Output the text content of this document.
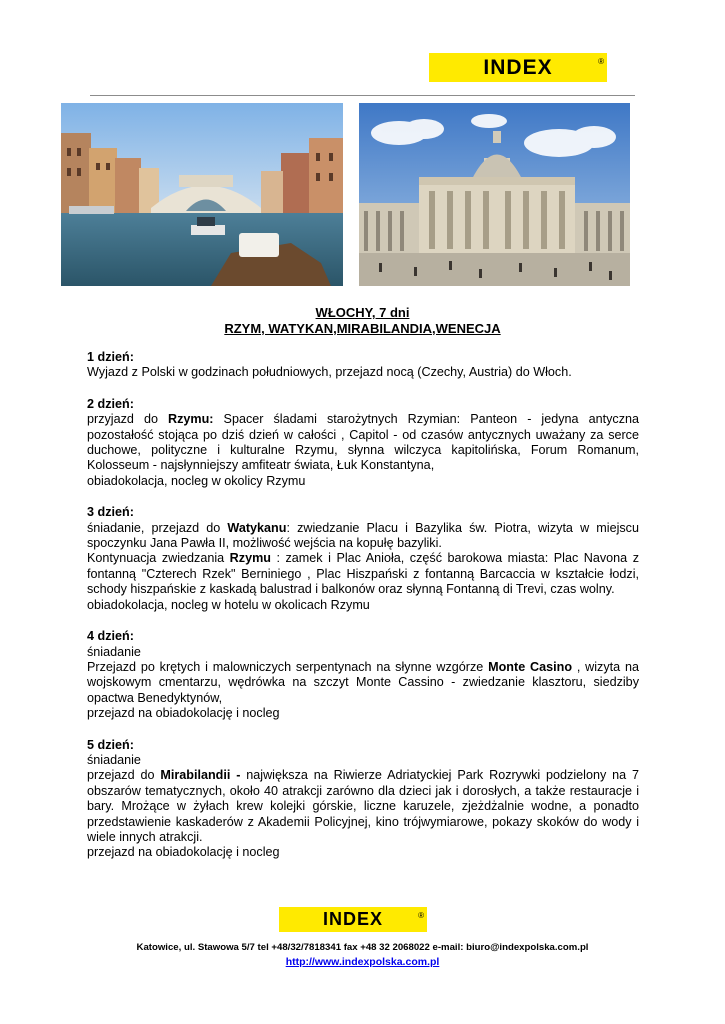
INDEX	®
WŁOCHY, 7 dni
RZYM, WATYKAN,MIRABILANDIA,WENECJA
1 dzień:

Wyjazd z Polski w godzinach południowych, przejazd nocą (Czechy, Austria) do Włoch.

2 dzień:

przyjazd do Rzymu: Spacer śladami starożytnych Rzymian: Panteon - jedyna antyczna pozostałość stojąca po dziś dzień w całości , Capitol - od czasów antycznych uważany za serce duchowe, polityczne i kulturalne Rzymu, słynna wilczyca kapitolińska, Forum Romanum, Kolosseum - najsłynniejszy amfiteatr świata, Łuk Konstantyna,

obiadokolacja, nocleg w okolicy Rzymu

3 dzień:

śniadanie, przejazd do Watykanu: zwiedzanie Placu i Bazylika św. Piotra, wizyta w miejscu spoczynku Jana Pawła II, możliwość wejścia na kopułę bazyliki.

Kontynuacja zwiedzania Rzymu : zamek i Plac Anioła, część barokowa miasta: Plac Navona z fontanną "Czterech Rzek" Berniniego , Plac Hiszpański z fontanną Barcaccia w kształcie łodzi, schody hiszpańskie z kaskadą balustrad i balkonów oraz słynną Fontanną di Trevi, czas wolny.

obiadokolacja, nocleg w hotelu w okolicach Rzymu

4 dzień:

śniadanie

Przejazd po krętych i malowniczych serpentynach na słynne wzgórze Monte Casino , wizyta na wojskowym cmentarzu, wędrówka na szczyt Monte Cassino - zwiedzanie klasztoru, siedziby opactwa Benedyktynów,

przejazd na obiadokolację i nocleg

5 dzień:

śniadanie

przejazd do Mirabilandii - największa na Riwierze Adriatyckiej Park Rozrywki podzielony na 7 obszarów tematycznych, około 40 atrakcji zarówno dla dzieci jak i dorosłych, a także restauracje i bary. Mrożące w żyłach krew kolejki górskie, liczne karuzele, zjeżdżalnie wodne, a ponadto przedstawienie kaskaderów z Akademii Policyjnej, kino trójwymiarowe, pokazy skoków do wody i wiele innych atrakcji.

przejazd na obiadokolację i nocleg

INDEX	®
Katowice, ul. Stawowa 5/7 tel +48/32/7818341 fax +48 32 2068022 e-mail: biuro@indexpolska.com.pl
http://www.indexpolska.com.pl
